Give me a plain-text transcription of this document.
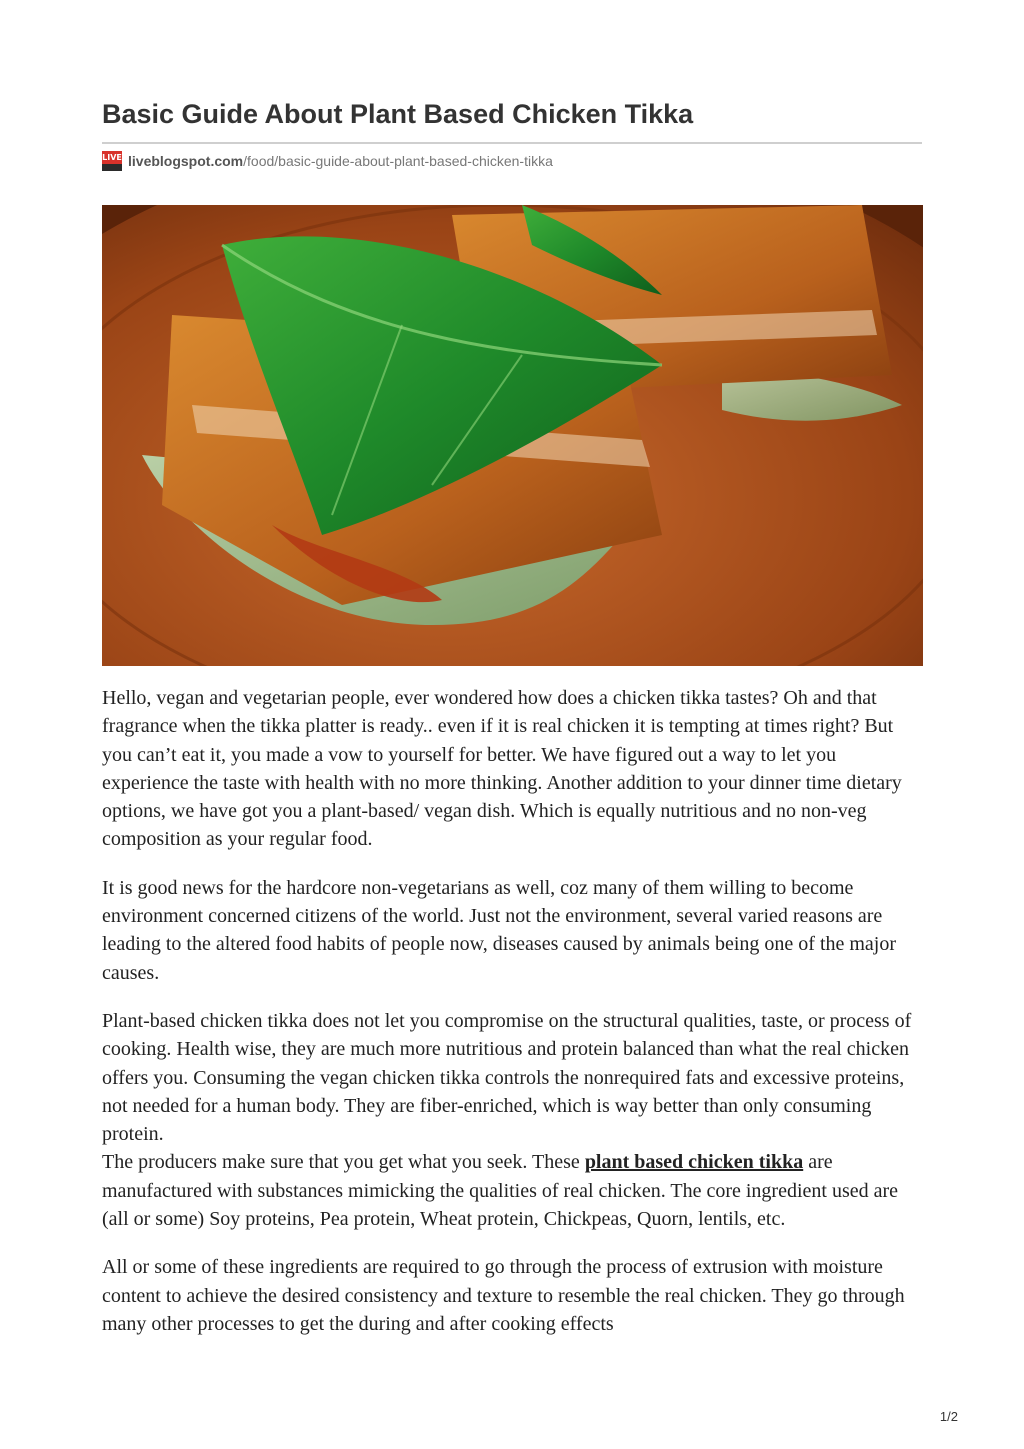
Basic Guide About Plant Based Chicken Tikka
LIVE liveblogspot.com /food/basic-guide-about-plant-based-chicken-tikka

Hello, vegan and vegetarian people, ever wondered how does a chicken tikka tastes? Oh and that fragrance when the tikka platter is ready.. even if it is real chicken it is tempting at times right? But you can’t eat it, you made a vow to yourself for better. We have figured out a way to let you experience the taste with health with no more thinking. Another addition to your dinner time dietary options, we have got you a plant-based/ vegan dish. Which is equally nutritious and no non-veg composition as your regular food.

It is good news for the hardcore non-vegetarians as well, coz many of them willing to become environment concerned citizens of the world. Just not the environment, several varied reasons are leading to the altered food habits of people now, diseases caused by animals being one of the major causes.

Plant-based chicken tikka does not let you compromise on the structural qualities, taste, or process of cooking. Health wise, they are much more nutritious and protein balanced than what the real chicken offers you. Consuming the vegan chicken tikka controls the nonrequired fats and excessive proteins, not needed for a human body. They are fiber-enriched, which is way better than only consuming protein.
The producers make sure that you get what you seek. These plant based chicken tikka are manufactured with substances mimicking the qualities of real chicken. The core ingredient used are (all or some) Soy proteins, Pea protein, Wheat protein, Chickpeas, Quorn, lentils, etc.

All or some of these ingredients are required to go through the process of extrusion with moisture content to achieve the desired consistency and texture to resemble the real chicken. They go through many other processes to get the during and after cooking effects

1/2
